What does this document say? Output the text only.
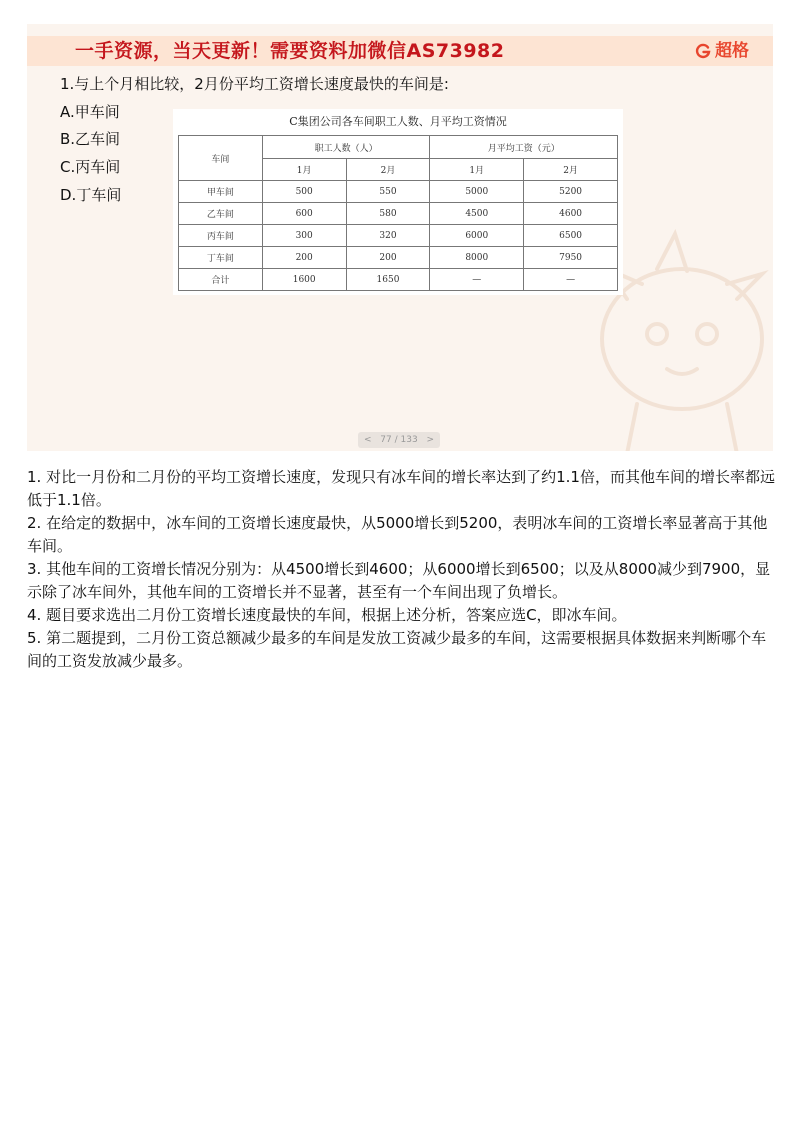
一手资源，当天更新！需要资料加微信AS73982	超格
1.与上个月相比较，2月份平均工资增长速度最快的车间是:
A.甲车间
B.乙车间
C.丙车间
D.丁车间
C集团公司各车间职工人数、月平均工资情况
车间	职工人数（人）		月平均工资（元）	
	1月	2月	1月	2月
甲车间	500	550	5000	5200
乙车间	600	580	4500	4600
丙车间	300	320	6000	6500
丁车间	200	200	8000	7950
合计	1600	1650	—	—
< 77 / 133 >

1. 对比一月份和二月份的平均工资增长速度，发现只有冰车间的增长率达到了约1.1倍，而其他车间的增长率都远低于1.1倍。

2. 在给定的数据中，冰车间的工资增长速度最快，从5000增长到5200，表明冰车间的工资增长率显著高于其他车间。

3. 其他车间的工资增长情况分别为：从4500增长到4600；从6000增长到6500；以及从8000减少到7900，显示除了冰车间外，其他车间的工资增长并不显著，甚至有一个车间出现了负增长。

4. 题目要求选出二月份工资增长速度最快的车间，根据上述分析，答案应选C，即冰车间。

5. 第二题提到，二月份工资总额减少最多的车间是发放工资减少最多的车间，这需要根据具体数据来判断哪个车间的工资发放减少最多。
